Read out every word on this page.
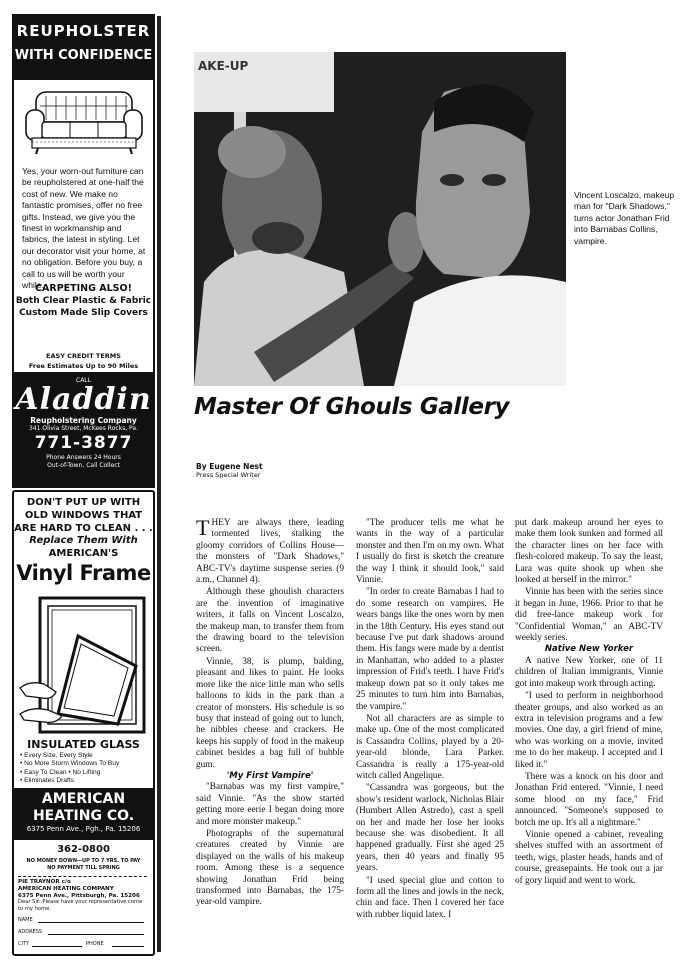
REUPHOLSTER
WITH CONFIDENCE
Yes, your worn-out furniture can be reupholstered at one-half the cost of new. We make no fantastic promises, offer no free gifts. Instead, we give you the finest in workmanship and fabrics, the latest in styling. Let our decorator visit your home, at no obligation. Before you buy, a call to us will be worth your while.
CARPETING ALSO!
Both Clear Plastic & Fabric
Custom Made Slip Covers
EASY CREDIT TERMS
Free Estimates Up to 90 Miles
CALL
Aladdin
Reupholstering Company
341 Olivia Street, McKees Rocks, Pa.
771-3877
Phone Answers 24 Hours
Out-of-Town, Call Collect
DON'T PUT UP WITH
OLD WINDOWS THAT
ARE HARD TO CLEAN . . .
Replace Them With
AMERICAN'S
Vinyl Frame
INSULATED GLASS
• Every Size, Every Style
• No More Storm Windows To Buy
• Easy To Clean • No Lifting
• Eliminates Drafts
AMERICAN
HEATING CO.
6375 Penn Ave., Pgh., Pa. 15206
362-0800
NO MONEY DOWN—UP TO 7 YRS. TO PAY
NO PAYMENT TILL SPRING
PIE TRAYNOR c/o
AMERICAN HEATING COMPANY
6375 Penn Ave., Pittsburgh, Pa. 15206
Dear Sir: Please have your representative come to my home.
NAME
ADDRESS
CITY	PHONE
AKE-UP
Vincent Loscalzo, makeup man for "Dark Shadows," turns actor Jonathan Frid into Barnabas Collins, vampire.
Master Of Ghouls Gallery
By Eugene Nest
Press Special Writer

THEY are always there, leading tormented lives, stalking the gloomy corridors of Collins House—the monsters of "Dark Shadows," ABC-TV's daytime suspense series (9 a.m., Channel 4).

Although these ghoulish characters are the invention of imaginative writers, it falls on Vincent Loscalzo, the makeup man, to transfer them from the drawing board to the television screen.

Vinnie, 38, is plump, balding, pleasant and likes to paint. He looks more like the nice little man who sells balloons to kids in the park than a creator of monsters. His schedule is so busy that instead of going out to lunch, he nibbles cheese and crackers. He keeps his supply of food in the makeup cabinet besides a bag full of bubble gum.

'My First Vampire'

"Barnabas was my first vampire," said Vinnie. "As the show started getting more eerie I began doing more and more monster makeup."

Photographs of the supernatural creatures created by Vinnie are displayed on the walls of his makeup room. Among these is a sequence showing Jonathan Frid being transformed into Barnabas, the 175-year-old vampire.

"The producer tells me what he wants in the way of a particular monster and then I'm on my own. What I usually do first is sketch the creature the way I think it should look," said Vinnie.

"In order to create Barnabas I had to do some research on vampires. He wears bangs like the ones worn by men in the 18th Century. His eyes stand out because I've put dark shadows around them. His fangs were made by a dentist in Manhattan, who added to a plaster impression of Frid's teeth. I have Frid's makeup down pat so it only takes me 25 minutes to turn him into Barnabas, the vampire."

Not all characters are as simple to make up. One of the most complicated is Cassandra Collins, played by a 20-year-old blonde, Lara Parker. Cassandra is really a 175-year-old witch called Angelique.

"Cassandra was gorgeous, but the show's resident warlock, Nicholas Blair (Humbert Allen Astredo), cast a spell on her and made her lose her looks because she was disobedient. It all happened gradually. First she aged 25 years, then 40 years and finally 95 years.

"I used special glue and cotton to form all the lines and jowls in the neck, chin and face. Then I covered her face with rubber liquid latex. I

put dark makeup around her eyes to make them look sunken and formed all the character lines on her face with flesh-colored makeup. To say the least, Lara was quite shook up when she looked at herself in the mirror."

Vinnie has been with the series since it began in June, 1966. Prior to that he did free-lance makeup work for "Confidential Woman," an ABC-TV weekly series.

Native New Yorker

A native New Yorker, one of 11 children of Italian immigrants, Vinnie got into makeup work through acting.

"I used to perform in neighborhood theater groups, and also worked as an extra in television programs and a few movies. One day, a girl friend of mine, who was working on a movie, invited me to do her makeup. I accepted and I liked it."

There was a knock on his door and Jonathan Frid entered. "Vinnie, I need some blood on my face," Frid announced. "Someone's supposed to botch me up. It's all a nightmare."

Vinnie opened a cabinet, revealing shelves stuffed with an assortment of teeth, wigs, plaster heads, hands and of course, greasepaints. He took out a jar of gory liquid and went to work.
